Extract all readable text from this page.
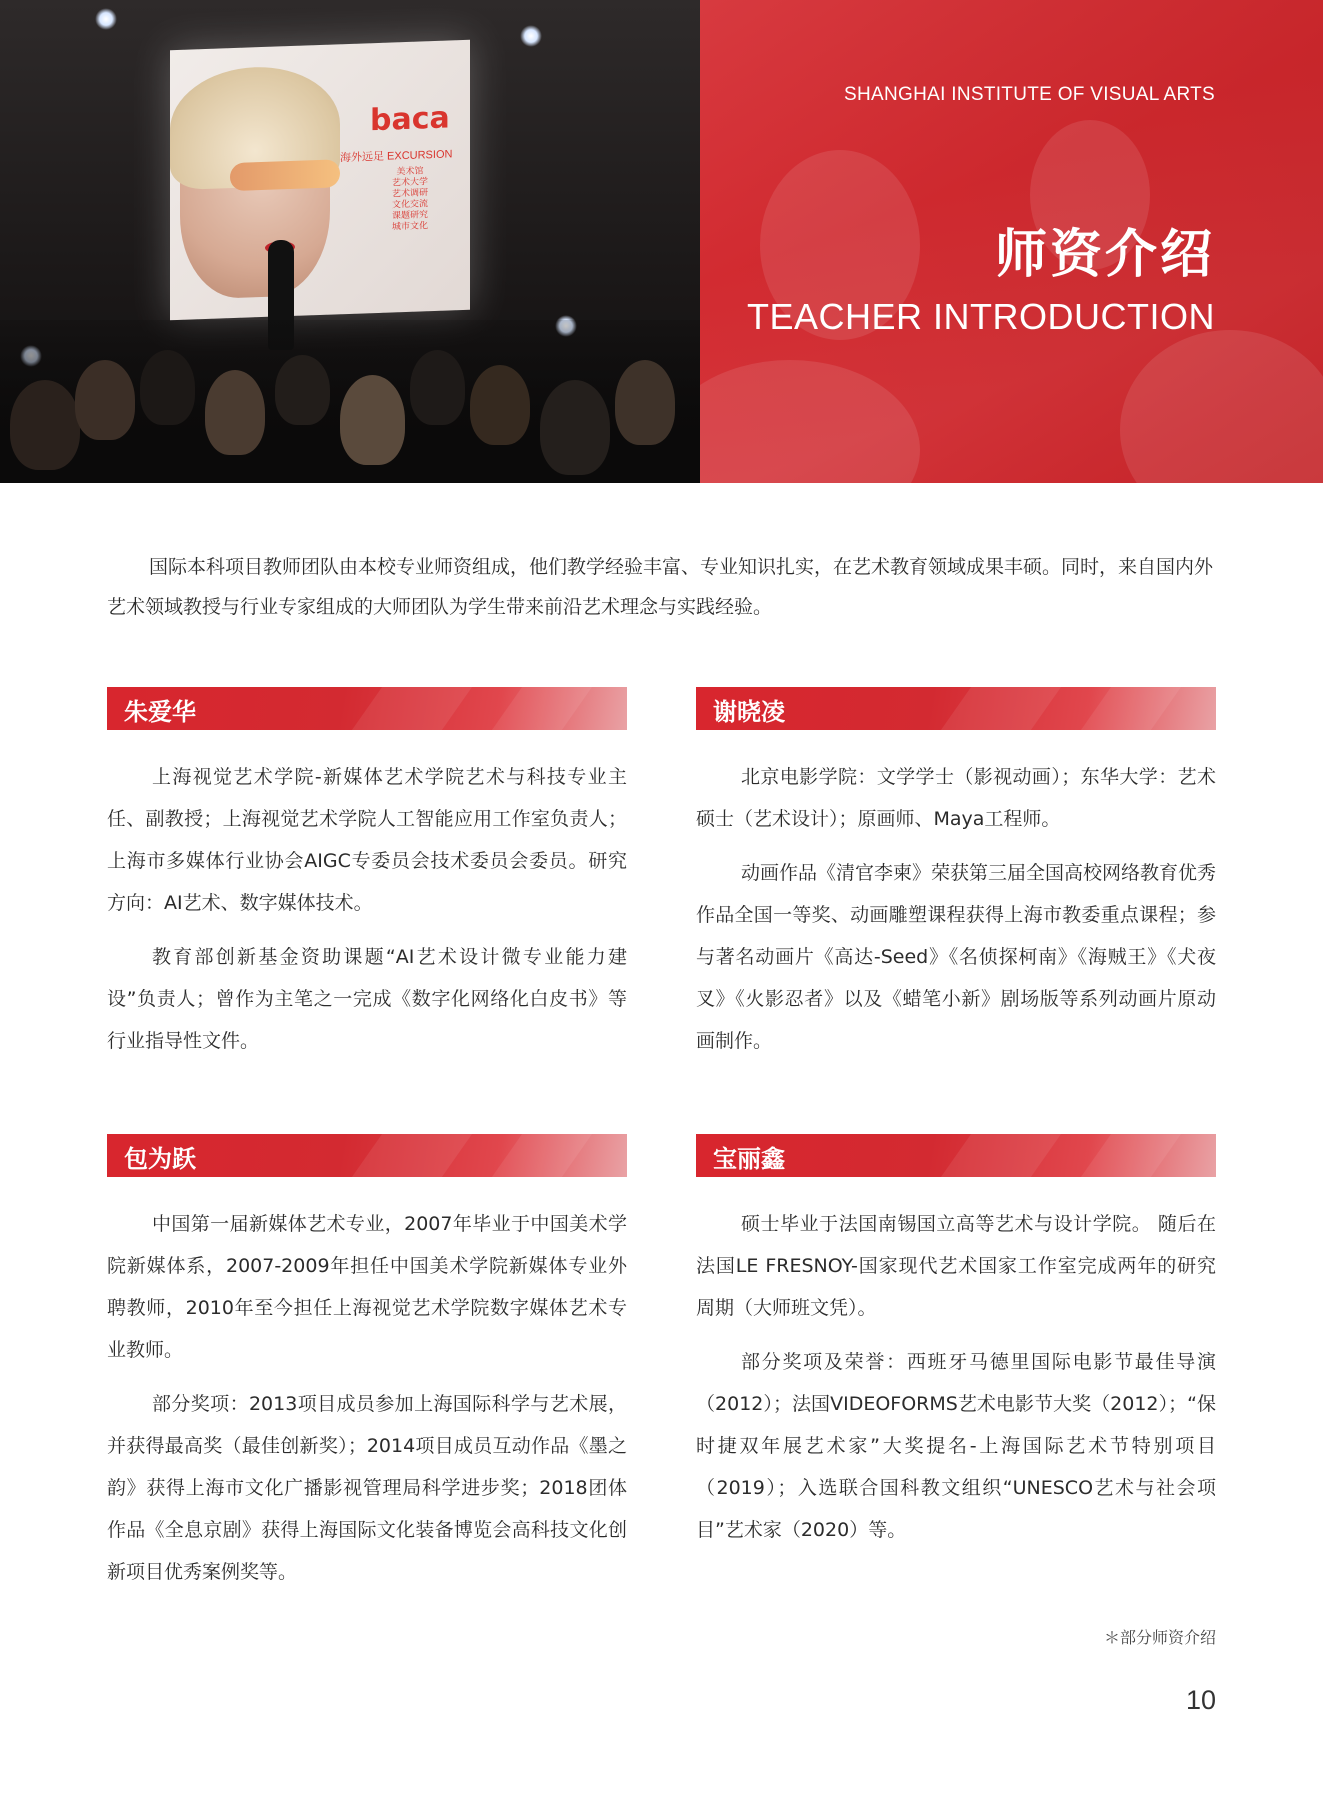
baca
海外远足 EXCURSION
美术馆
艺术大学
艺术调研
文化交流
课题研究
城市文化
SHANGHAI INSTITUTE OF VISUAL ARTS
师资介绍
TEACHER INTRODUCTION

国际本科项目教师团队由本校专业师资组成，他们教学经验丰富、专业知识扎实，在艺术教育领域成果丰硕。同时，来自国内外艺术领域教授与行业专家组成的大师团队为学生带来前沿艺术理念与实践经验。

朱爱华

上海视觉艺术学院-新媒体艺术学院艺术与科技专业主任、副教授；上海视觉艺术学院人工智能应用工作室负责人；上海市多媒体行业协会AIGC专委员会技术委员会委员。研究方向：AI艺术、数字媒体技术。

教育部创新基金资助课题“AI艺术设计微专业能力建设”负责人；曾作为主笔之一完成《数字化网络化白皮书》等行业指导性文件。

谢晓凌

北京电影学院：文学学士（影视动画）；东华大学：艺术硕士（艺术设计）；原画师、Maya工程师。

动画作品《清官李柬》荣获第三届全国高校网络教育优秀作品全国一等奖、动画雕塑课程获得上海市教委重点课程；参与著名动画片《高达-Seed》《名侦探柯南》《海贼王》《犬夜叉》《火影忍者》以及《蜡笔小新》剧场版等系列动画片原动画制作。

包为跃

中国第一届新媒体艺术专业，2007年毕业于中国美术学院新媒体系，2007-2009年担任中国美术学院新媒体专业外聘教师，2010年至今担任上海视觉艺术学院数字媒体艺术专业教师。

部分奖项：2013项目成员参加上海国际科学与艺术展，并获得最高奖（最佳创新奖）；2014项目成员互动作品《墨之韵》获得上海市文化广播影视管理局科学进步奖；2018团体作品《全息京剧》获得上海国际文化装备博览会高科技文化创新项目优秀案例奖等。

宝丽鑫

硕士毕业于法国南锡国立高等艺术与设计学院。 随后在法国LE FRESNOY-国家现代艺术国家工作室完成两年的研究周期（大师班文凭）。

部分奖项及荣誉：西班牙马德里国际电影节最佳导演（2012）；法国VIDEOFORMS艺术电影节大奖（2012）；“保时捷双年展艺术家”大奖提名-上海国际艺术节特别项目（2019）；入选联合国科教文组织“UNESCO艺术与社会项目”艺术家（2020）等。

＊部分师资介绍
10
